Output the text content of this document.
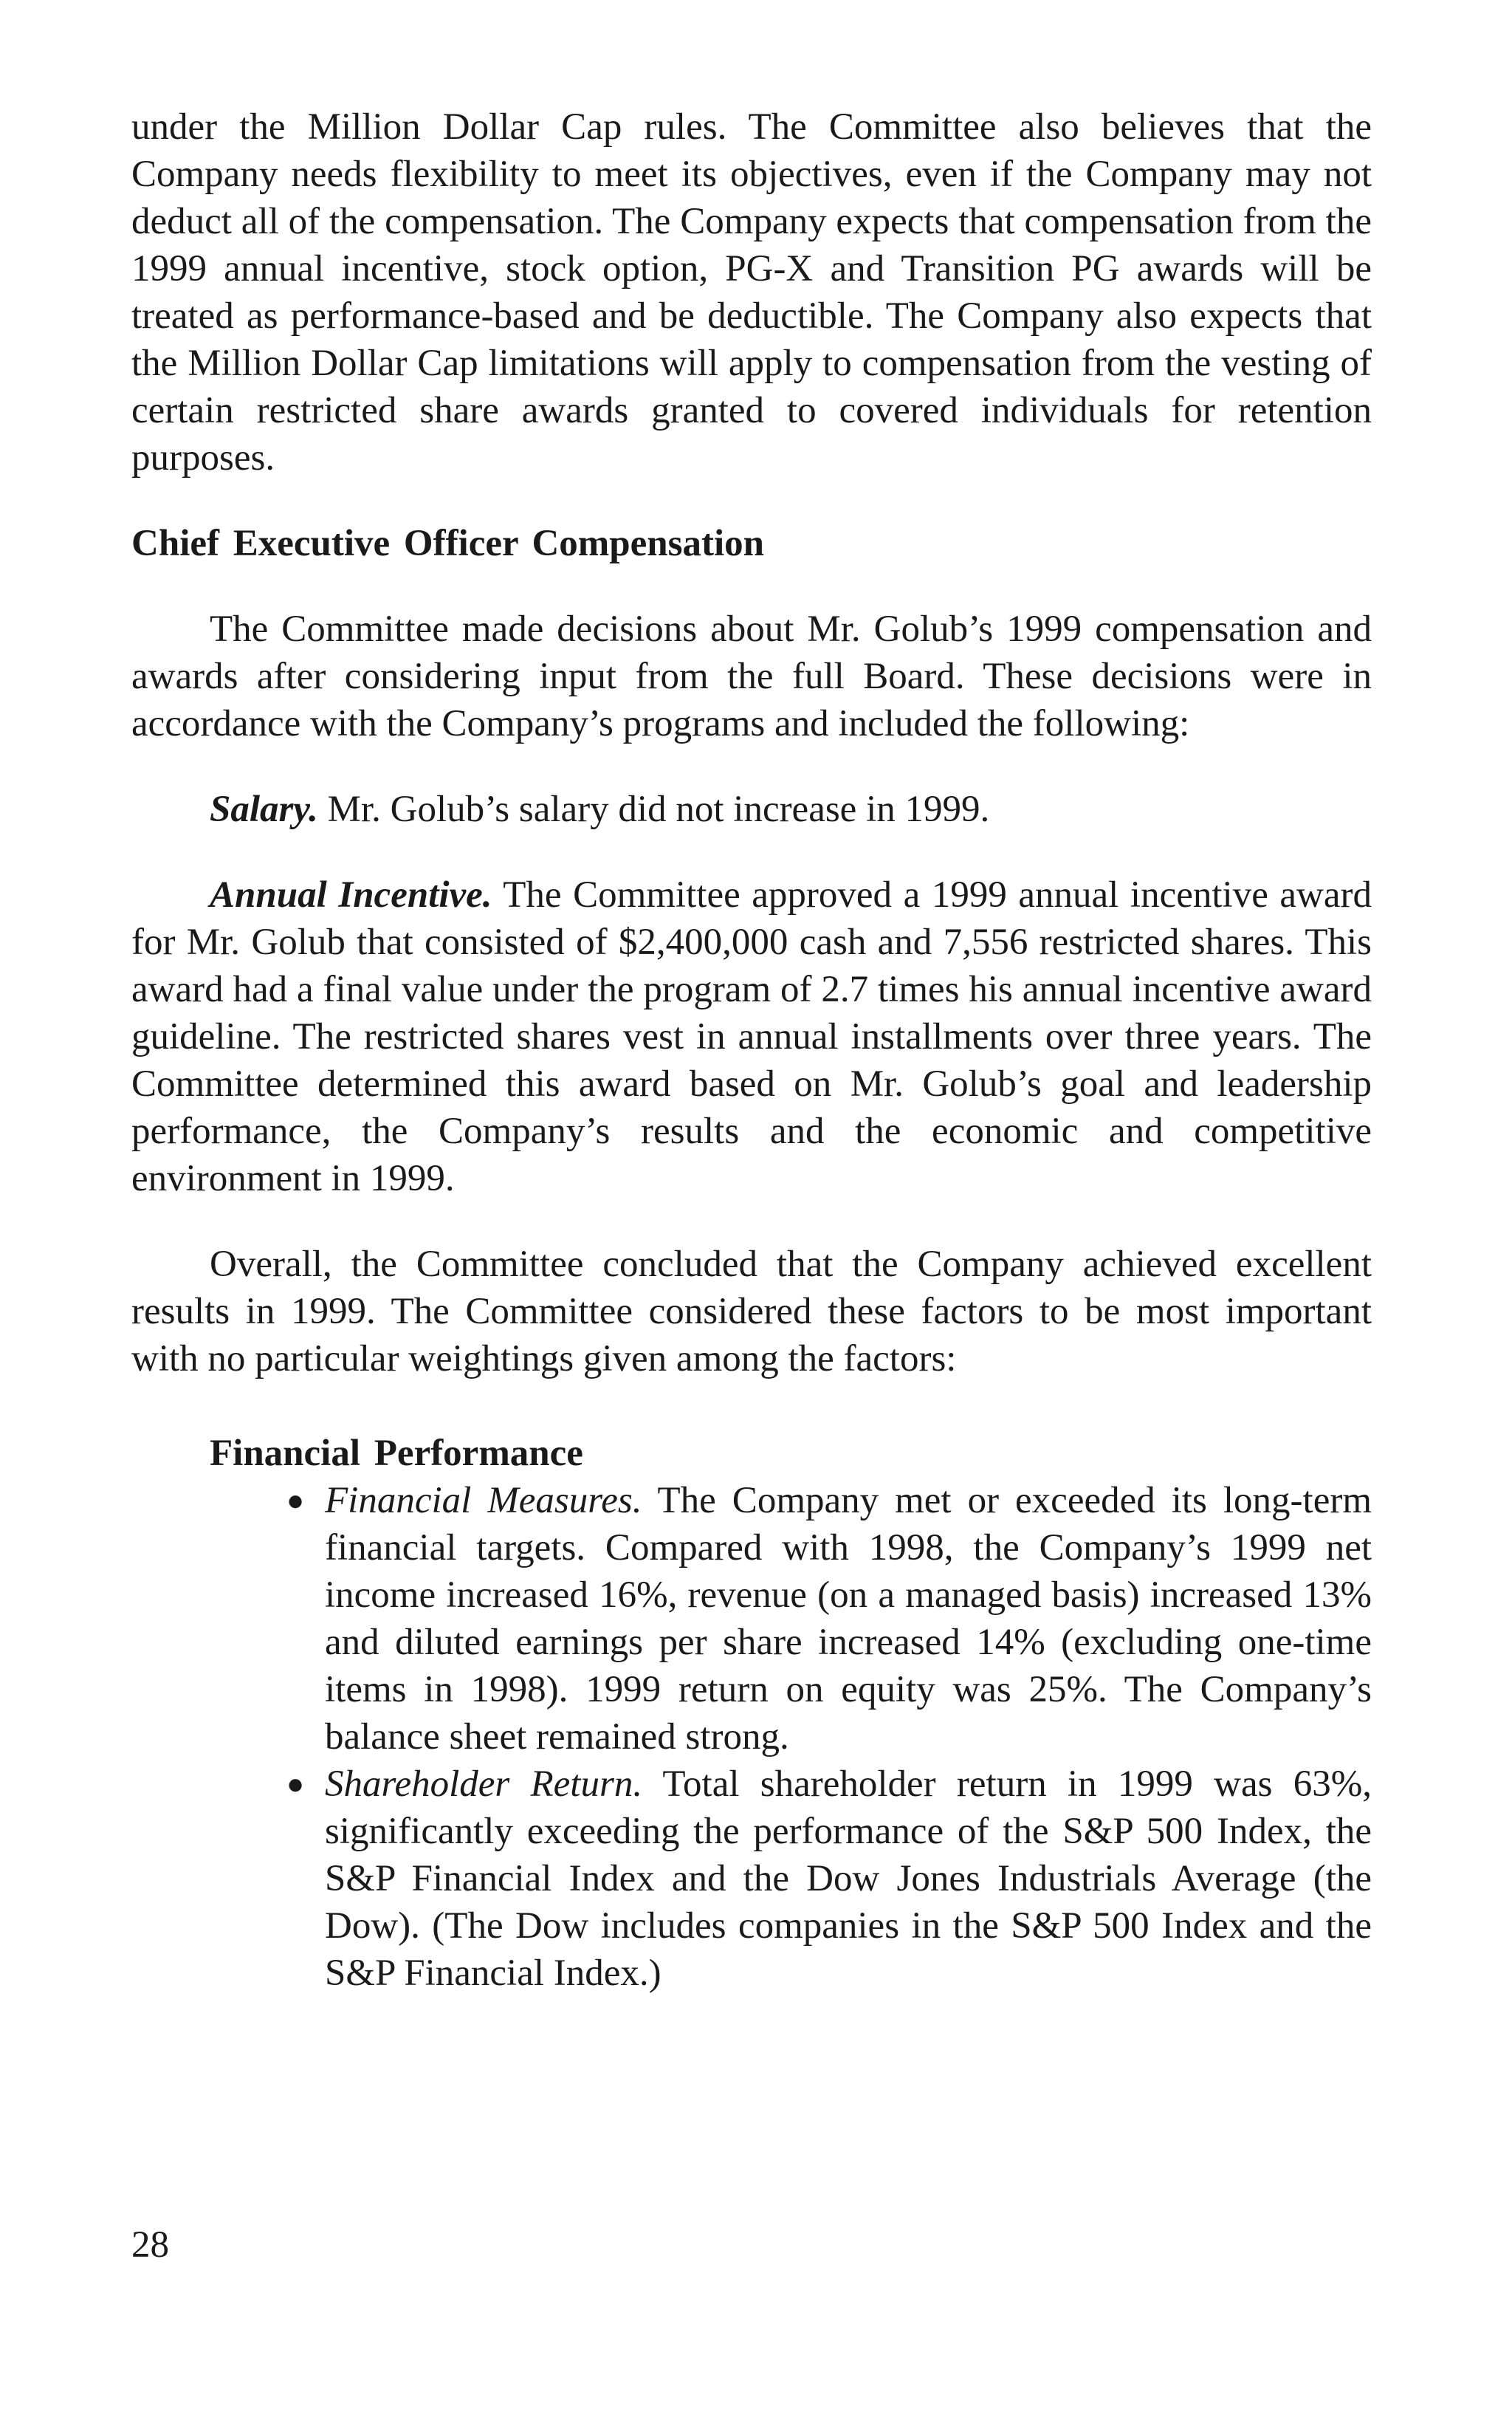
under the Million Dollar Cap rules. The Committee also believes that the Company needs flexibility to meet its objectives, even if the Company may not deduct all of the compensation. The Company expects that compensation from the 1999 annual incentive, stock option, PG-X and Transition PG awards will be treated as performance-based and be deductible. The Company also expects that the Million Dollar Cap limitations will apply to compensation from the vesting of certain restricted share awards granted to covered individuals for retention purposes.

Chief Executive Officer Compensation

The Committee made decisions about Mr. Golub’s 1999 compensation and awards after considering input from the full Board. These decisions were in accordance with the Company’s programs and included the following:

Salary. Mr. Golub’s salary did not increase in 1999.

Annual Incentive. The Committee approved a 1999 annual incentive award for Mr. Golub that consisted of $2,400,000 cash and 7,556 restricted shares. This award had a final value under the program of 2.7 times his annual incentive award guideline. The restricted shares vest in annual installments over three years. The Committee determined this award based on Mr. Golub’s goal and leadership performance, the Company’s results and the economic and competitive environment in 1999.

Overall, the Committee concluded that the Company achieved excellent results in 1999. The Committee considered these factors to be most important with no particular weightings given among the factors:

Financial Performance
● Financial Measures. The Company met or exceeded its long-term financial targets. Compared with 1998, the Company’s 1999 net income increased 16%, revenue (on a managed basis) increased 13% and diluted earnings per share increased 14% (excluding one-time items in 1998). 1999 return on equity was 25%. The Company’s balance sheet remained strong.
● Shareholder Return. Total shareholder return in 1999 was 63%, significantly exceeding the performance of the S&P 500 Index, the S&P Financial Index and the Dow Jones Industrials Average (the Dow). (The Dow includes companies in the S&P 500 Index and the S&P Financial Index.)
28
